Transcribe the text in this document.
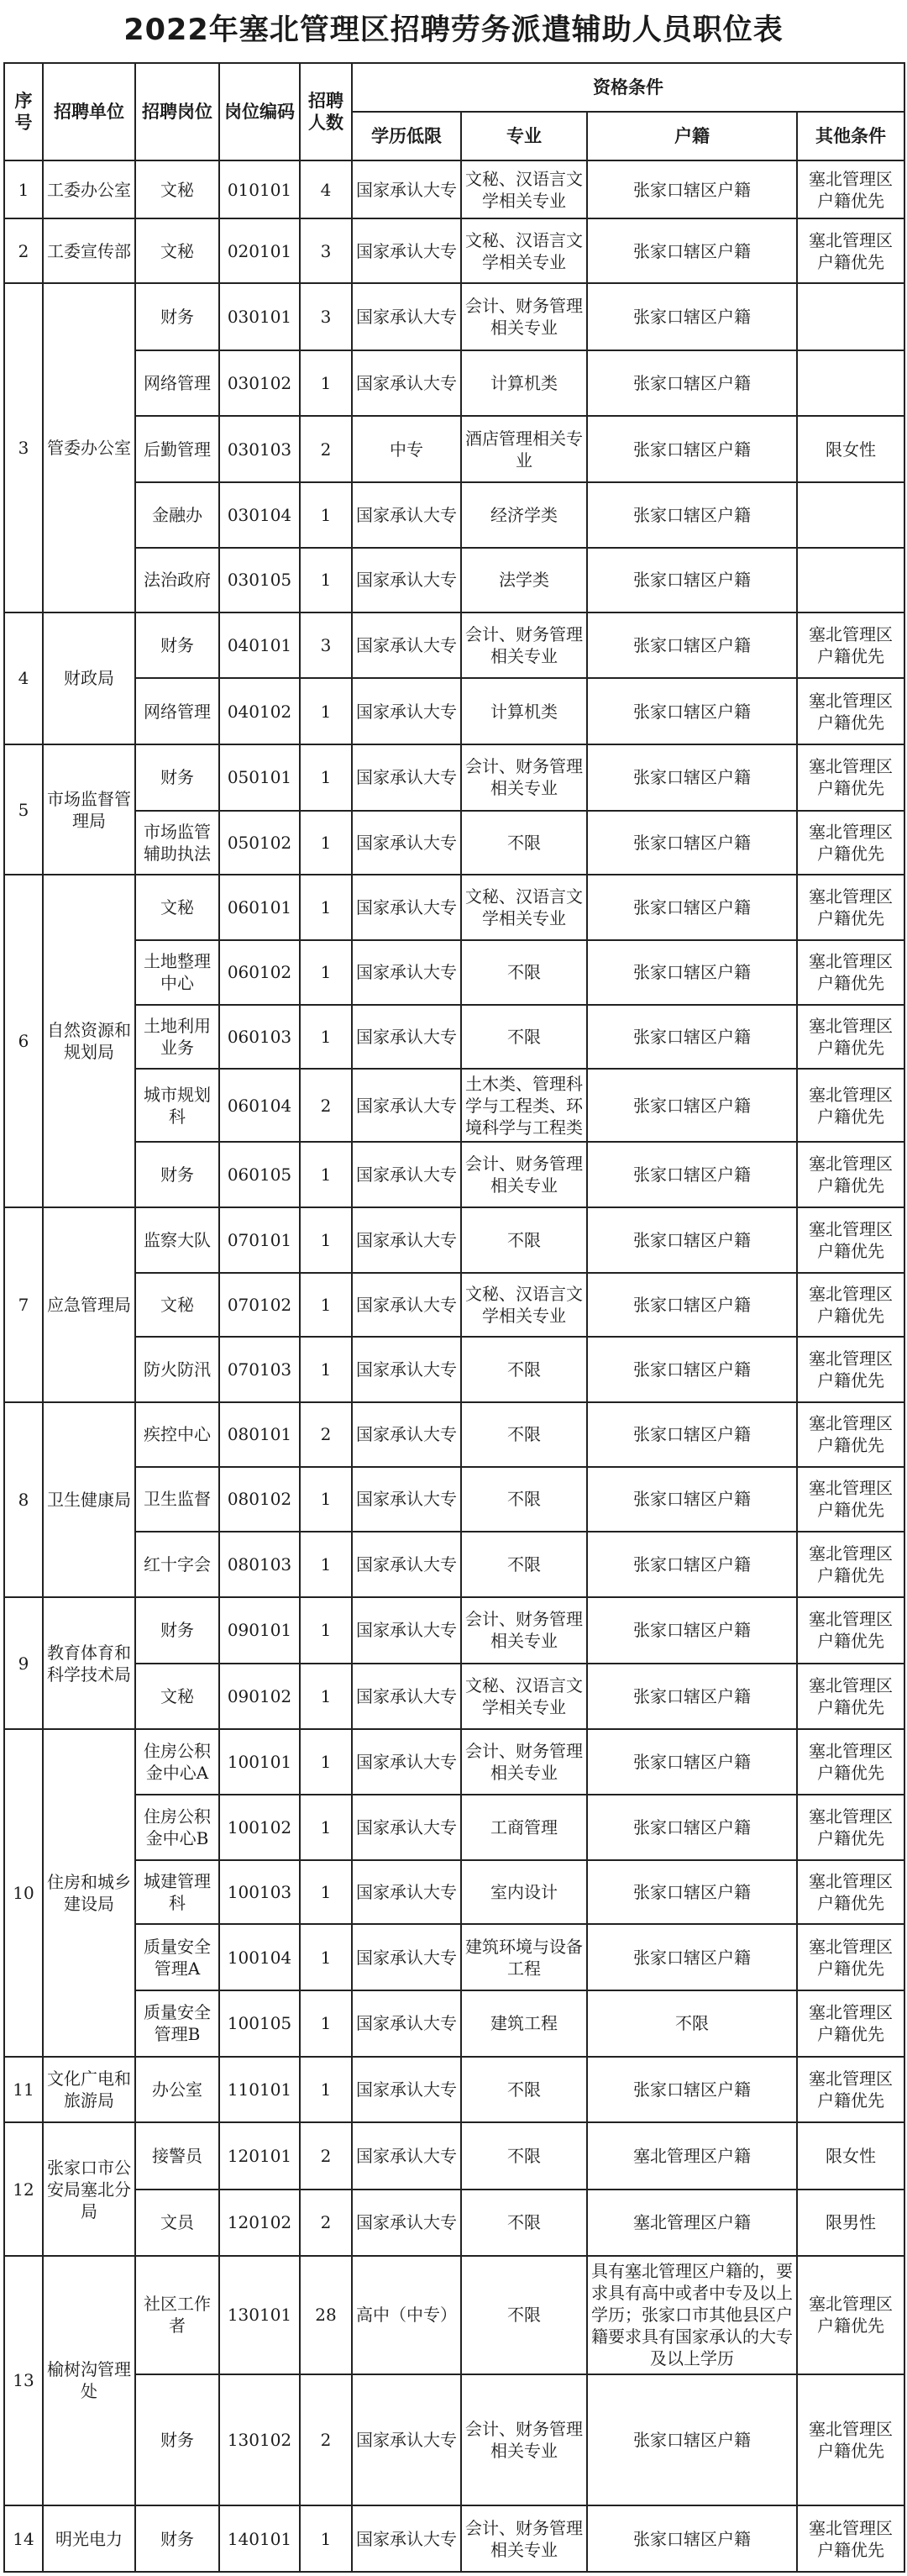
2022年塞北管理区招聘劳务派遣辅助人员职位表
序号	招聘单位	招聘岗位	岗位编码	招聘人数	资格条件			
					学历低限	专业	户籍	其他条件
1	工委办公室	文秘	010101	4	国家承认大专	文秘、汉语言文学相关专业	张家口辖区户籍	塞北管理区户籍优先
2	工委宣传部	文秘	020101	3	国家承认大专	文秘、汉语言文学相关专业	张家口辖区户籍	塞北管理区户籍优先
3	管委办公室	财务	030101	3	国家承认大专	会计、财务管理相关专业	张家口辖区户籍	
		网络管理	030102	1	国家承认大专	计算机类	张家口辖区户籍	
		后勤管理	030103	2	中专	酒店管理相关专业	张家口辖区户籍	限女性
		金融办	030104	1	国家承认大专	经济学类	张家口辖区户籍	
		法治政府	030105	1	国家承认大专	法学类	张家口辖区户籍	
4	财政局	财务	040101	3	国家承认大专	会计、财务管理相关专业	张家口辖区户籍	塞北管理区户籍优先
		网络管理	040102	1	国家承认大专	计算机类	张家口辖区户籍	塞北管理区户籍优先
5	市场监督管理局	财务	050101	1	国家承认大专	会计、财务管理相关专业	张家口辖区户籍	塞北管理区户籍优先
		市场监管辅助执法	050102	1	国家承认大专	不限	张家口辖区户籍	塞北管理区户籍优先
6	自然资源和规划局	文秘	060101	1	国家承认大专	文秘、汉语言文学相关专业	张家口辖区户籍	塞北管理区户籍优先
		土地整理中心	060102	1	国家承认大专	不限	张家口辖区户籍	塞北管理区户籍优先
		土地利用业务	060103	1	国家承认大专	不限	张家口辖区户籍	塞北管理区户籍优先
		城市规划科	060104	2	国家承认大专	土木类、管理科学与工程类、环境科学与工程类	张家口辖区户籍	塞北管理区户籍优先
		财务	060105	1	国家承认大专	会计、财务管理相关专业	张家口辖区户籍	塞北管理区户籍优先
7	应急管理局	监察大队	070101	1	国家承认大专	不限	张家口辖区户籍	塞北管理区户籍优先
		文秘	070102	1	国家承认大专	文秘、汉语言文学相关专业	张家口辖区户籍	塞北管理区户籍优先
		防火防汛	070103	1	国家承认大专	不限	张家口辖区户籍	塞北管理区户籍优先
8	卫生健康局	疾控中心	080101	2	国家承认大专	不限	张家口辖区户籍	塞北管理区户籍优先
		卫生监督	080102	1	国家承认大专	不限	张家口辖区户籍	塞北管理区户籍优先
		红十字会	080103	1	国家承认大专	不限	张家口辖区户籍	塞北管理区户籍优先
9	教育体育和科学技术局	财务	090101	1	国家承认大专	会计、财务管理相关专业	张家口辖区户籍	塞北管理区户籍优先
		文秘	090102	1	国家承认大专	文秘、汉语言文学相关专业	张家口辖区户籍	塞北管理区户籍优先
10	住房和城乡建设局	住房公积金中心A	100101	1	国家承认大专	会计、财务管理相关专业	张家口辖区户籍	塞北管理区户籍优先
		住房公积金中心B	100102	1	国家承认大专	工商管理	张家口辖区户籍	塞北管理区户籍优先
		城建管理科	100103	1	国家承认大专	室内设计	张家口辖区户籍	塞北管理区户籍优先
		质量安全管理A	100104	1	国家承认大专	建筑环境与设备工程	张家口辖区户籍	塞北管理区户籍优先
		质量安全管理B	100105	1	国家承认大专	建筑工程	不限	塞北管理区户籍优先
11	文化广电和旅游局	办公室	110101	1	国家承认大专	不限	张家口辖区户籍	塞北管理区户籍优先
12	张家口市公安局塞北分局	接警员	120101	2	国家承认大专	不限	塞北管理区户籍	限女性
		文员	120102	2	国家承认大专	不限	塞北管理区户籍	限男性
13	榆树沟管理处	社区工作者	130101	28	高中（中专）	不限	具有塞北管理区户籍的，要求具有高中或者中专及以上学历；张家口市其他县区户籍要求具有国家承认的大专及以上学历	塞北管理区户籍优先
		财务	130102	2	国家承认大专	会计、财务管理相关专业	张家口辖区户籍	塞北管理区户籍优先
14	明光电力	财务	140101	1	国家承认大专	会计、财务管理相关专业	张家口辖区户籍	塞北管理区户籍优先
